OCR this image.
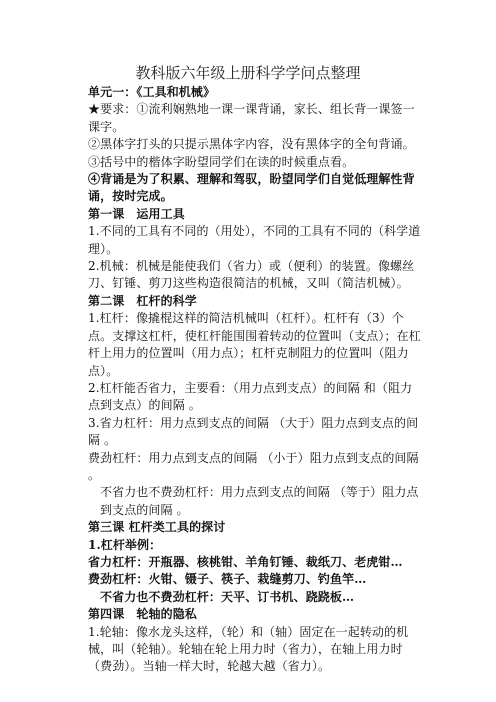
教科版六年级上册科学学问点整理

单元一：《工具和机械》

★要求：①流利娴熟地一课一课背诵，家长、组长背一课签一课字。

②黑体字打头的只提示黑体字内容，没有黑体字的全句背诵。

③括号中的楷体字盼望同学们在读的时候重点看。

④背诵是为了积累、理解和驾驭，盼望同学们自觉低理解性背诵，按时完成。

第一课　运用工具

1.不同的工具有不同的（用处），不同的工具有不同的（科学道理）。

2.机械：机械是能使我们（省力）或（便利）的装置。像螺丝刀、钉锤、剪刀这些构造很简洁的机械，又叫（简洁机械）。

第二课　杠杆的科学

1.杠杆：像撬棍这样的简洁机械叫（杠杆）。杠杆有（3）个点。支撑这杠杆，使杠杆能围围着转动的位置叫（支点）；在杠杆上用力的位置叫（用力点）；杠杆克制阻力的位置叫（阻力点）。

2.杠杆能否省力，主要看：（用力点到支点）的间隔 和（阻力点到支点）的间隔 。

3.省力杠杆：用力点到支点的间隔 （大于）阻力点到支点的间隔 。

费劲杠杆：用力点到支点的间隔 （小于）阻力点到支点的间隔 。

不省力也不费劲杠杆：用力点到支点的间隔 （等于）阻力点到支点的间隔 。

第三课 杠杆类工具的探讨

1.杠杆举例：

省力杠杆：开瓶器、核桃钳、羊角钉锤、裁纸刀、老虎钳…

费劲杠杆：火钳、镊子、筷子、栽缝剪刀、钓鱼竿…

不省力也不费劲杠杆：天平、订书机、跷跷板…

第四课　轮轴的隐私

1.轮轴：像水龙头这样，（轮）和（轴）固定在一起转动的机械，叫（轮轴）。轮轴在轮上用力时（省力），在轴上用力时（费劲）。当轴一样大时，轮越大越（省力）。
